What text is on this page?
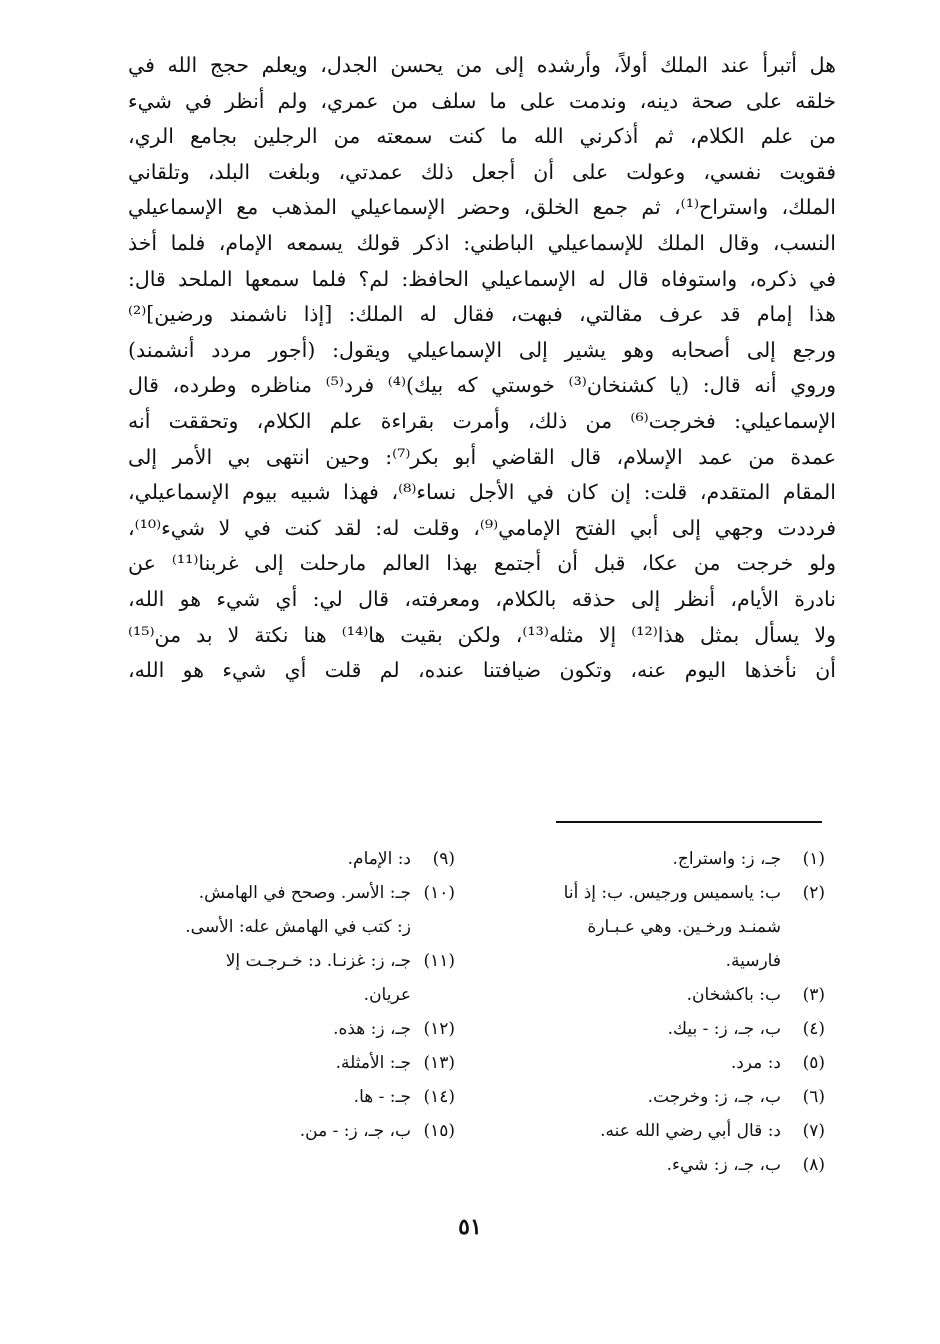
هل أتبرأ عند الملك أولاً، وأرشده إلى من يحسن الجدل، ويعلم حجج الله في
خلقه على صحة دينه، وندمت على ما سلف من عمري، ولم أنظر في شيء
من علم الكلام، ثم أذكرني الله ما كنت سمعته من الرجلين بجامع الري،
فقويت نفسي، وعولت على أن أجعل ذلك عمدتي، وبلغت البلد، وتلقاني
الملك، واستراح⁽¹⁾، ثم جمع الخلق، وحضر الإسماعيلي المذهب مع الإسماعيلي
النسب، وقال الملك للإسماعيلي الباطني: اذكر قولك يسمعه الإمام، فلما أخذ
في ذكره، واستوفاه قال له الإسماعيلي الحافظ: لم؟ فلما سمعها الملحد قال:
هذا إمام قد عرف مقالتي، فبهت، فقال له الملك: [إذا ناشمند ورضين]⁽²⁾
ورجع إلى أصحابه وهو يشير إلى الإسماعيلي ويقول: (أجور مردد أنشمند)
وروي أنه قال: (يا كشنخان⁽³⁾ خوستي كه بيك)⁽⁴⁾ فرد⁽⁵⁾ مناظره وطرده، قال
الإسماعيلي: فخرجت⁽⁶⁾ من ذلك، وأمرت بقراءة علم الكلام، وتحققت أنه
عمدة من عمد الإسلام، قال القاضي أبو بكر⁽⁷⁾: وحين انتهى بي الأمر إلى
المقام المتقدم، قلت: إن كان في الأجل نساء⁽⁸⁾، فهذا شبيه بيوم الإسماعيلي،
فرددت وجهي إلى أبي الفتح الإمامي⁽⁹⁾، وقلت له: لقد كنت في لا شيء⁽¹⁰⁾،
ولو خرجت من عكا، قبل أن أجتمع بهذا العالم مارحلت إلى غربنا⁽¹¹⁾ عن
نادرة الأيام، أنظر إلى حذقه بالكلام، ومعرفته، قال لي: أي شيء هو الله،
ولا يسأل بمثل هذا⁽¹²⁾ إلا مثله⁽¹³⁾، ولكن بقيت ها⁽¹⁴⁾ هنا نكتة لا بد من⁽¹⁵⁾
أن نأخذها اليوم عنه، وتكون ضيافتنا عنده، لم قلت أي شيء هو الله،
(١)
جـ، ز: واستراج.
(٢)
ب: ياسميس ورجيس. ب: إذ أنا
شمنـد ورخـين. وهي عـبـارة
فارسية.
(٣)
ب: باكشخان.
(٤)
ب، جـ، ز: - بيك.
(٥)
د: مرد.
(٦)
ب، جـ، ز: وخرجت.
(٧)
د: قال أبي رضي الله عنه.
(٨)
ب، جـ، ز: شيء.
(٩)
د: الإمام.
(١٠)
جـ: الأسر. وصحح في الهامش.
ز: كتب في الهامش عله: الأسى.
(١١)
جـ، ز: غزنـا. د: خـرجـت إلا
عريان.
(١٢)
جـ، ز: هذه.
(١٣)
جـ: الأمثلة.
(١٤)
جـ: - ها.
(١٥)
ب، جـ، ز: - من.
٥١
